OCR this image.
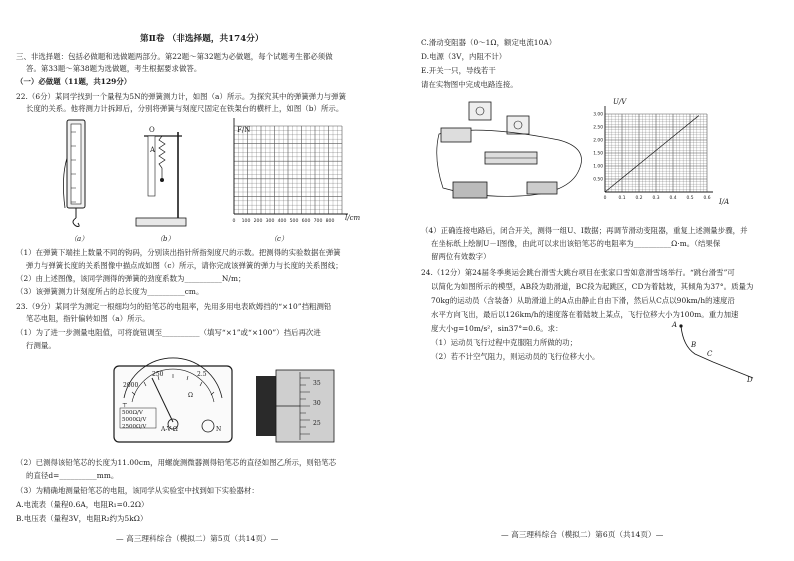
第Ⅱ卷 （非选择题，共174分）
三、非选择题：包括必做题和选做题两部分。第22题～第32题为必做题，每个试题考生都必须做
答。第33题～第38题为选做题，考生根据要求做答。
（一）必做题（11题，共129分）
22.（6分）某同学找到一个量程为5N的弹簧测力计，如图（a）所示。为探究其中的弹簧弹力与弹簧
长度的关系。他将测力计拆卸后，分别将弹簧与刻度尺固定在铁架台的横杆上，如图（b）所示。
（a）
O
A
（b）
0 100 200 300 400 500 600 700 800
F/N
l/cm
（c）
（1）在弹簧下端挂上数量不同的钩码，分别读出指针所指刻度尺的示数。把测得的实验数据在弹簧
弹力与弹簧长度的关系图像中描点成如图（c）所示，请你完成该弹簧的弹力与长度的关系图线；
（2）由上述图像，该同学测得的弹簧的劲度系数为__________N/m；
（3）该弹簧测力计刻度所占的总长度为__________cm。
23.（9分）某同学为测定一根细均匀的铅笔芯的电阻率，先用多用电表欧姆挡的“×10”挡粗测铅
笔芯电阻，指针偏转如图（a）所示。
（1）为了进一步测量电阻值，可将旋钮调至__________（填写“×1”或“×100”）挡后再次进
行测量。
2000
250	2.5
500Ω/V
5000Ω/V
2500Ω/V A-V-Ω
Ω
N
⊤
35
30
25
（2）已测得该铅笔芯的长度为11.00cm，用螺旋测微器测得铅笔芯的直径如图乙所示，则铅笔芯
的直径d=__________mm。
（3）为精确地测量铅笔芯的电阻，该同学从实验室中找到如下实验器材：
A.电流表（量程0.6A，电阻R₁=0.2Ω）
B.电压表（量程3V，电阻R₂约为5kΩ）
— 高三理科综合（模拟二）第5页（共14页）—
C.滑动变阻器（0～1Ω，额定电流10A）
D.电源（3V，内阻不计）
E.开关一只，导线若干
请在实物图中完成电路连接。
3.00
2.50
2.00
1.50
1.00
0.50
0	0.1 0.2 0.3 0.4 0.5 0.6
U/V
I/A
（4）正确连接电路后，闭合开关，测得一组U、I数据；再调节滑动变阻器，重复上述测量步骤，并
在坐标纸上绘制U－I图像，由此可以求出该铅笔芯的电阻率为__________Ω·m。（结果保
留两位有效数字）
24.（12分）第24届冬季奥运会跳台滑雪大跳台项目在张家口雪如意滑雪场举行。“跳台滑雪”可
以简化为如图所示的模型，AB段为助滑道，BC段为起跳区，CD为着陆坡，其倾角为37°。质量为
70kg的运动员（含装备）从助滑道上的A点由静止自由下滑，然后从C点以90km/h的速度沿
水平方向飞出，最后以126km/h的速度落在着陆坡上某点，飞行位移大小为100m。重力加速
度大小g=10m/s²，sin37°=0.6。求：
（1）运动员飞行过程中克服阻力所做的功；
（2）若不计空气阻力，则运动员的飞行位移大小。
A
B
C
D
— 高三理科综合（模拟二）第6页（共14页）—
